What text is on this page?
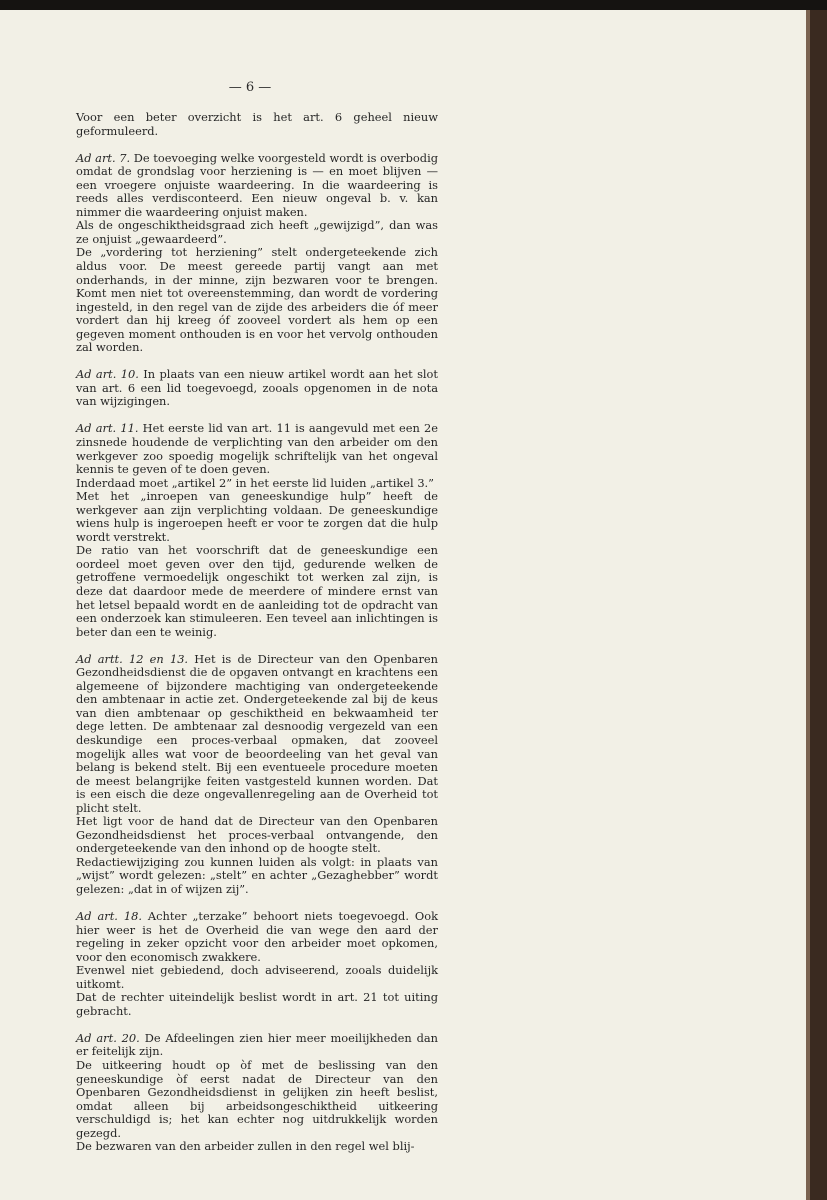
— 6 —

Voor een beter overzicht is het art. 6 geheel nieuw geformuleerd.

Ad art. 7. De toevoeging welke voorgesteld wordt is overbodig omdat de grondslag voor herziening is — en moet blijven — een vroegere onjuiste waardeering. In die waardeering is reeds alles verdisconteerd. Een nieuw ongeval b. v. kan nimmer die waardeering onjuist maken.

Als de ongeschiktheidsgraad zich heeft „gewijzigd”, dan was ze onjuist „gewaardeerd”.

De „vordering tot herziening” stelt ondergeteekende zich aldus voor. De meest gereede partij vangt aan met onderhands, in der minne, zijn bezwaren voor te brengen. Komt men niet tot overeenstemming, dan wordt de vordering ingesteld, in den regel van de zijde des arbeiders die óf meer vordert dan hij kreeg óf zooveel vordert als hem op een gegeven moment onthouden is en voor het vervolg onthouden zal worden.

Ad art. 10. In plaats van een nieuw artikel wordt aan het slot van art. 6 een lid toegevoegd, zooals opgenomen in de nota van wijzigingen.

Ad art. 11. Het eerste lid van art. 11 is aangevuld met een 2e zinsnede houdende de verplichting van den arbeider om den werkgever zoo spoedig mogelijk schriftelijk van het ongeval kennis te geven of te doen geven.

Inderdaad moet „artikel 2” in het eerste lid luiden „artikel 3.”

Met het „inroepen van geneeskundige hulp” heeft de werkgever aan zijn verplichting voldaan. De geneeskundige wiens hulp is ingeroepen heeft er voor te zorgen dat die hulp wordt verstrekt.

De ratio van het voorschrift dat de geneeskundige een oordeel moet geven over den tijd, gedurende welken de getroffene vermoedelijk ongeschikt tot werken zal zijn, is deze dat daardoor mede de meerdere of mindere ernst van het letsel bepaald wordt en de aanleiding tot de opdracht van een onderzoek kan stimuleeren. Een teveel aan inlichtingen is beter dan een te weinig.

Ad artt. 12 en 13. Het is de Directeur van den Openbaren Gezondheidsdienst die de opgaven ontvangt en krachtens een algemeene of bijzondere machtiging van ondergeteekende den ambtenaar in actie zet. Ondergeteekende zal bij de keus van dien ambtenaar op geschiktheid en bekwaamheid ter dege letten. De ambtenaar zal desnoodig vergezeld van een deskundige een proces-verbaal opmaken, dat zooveel mogelijk alles wat voor de beoordeeling van het geval van belang is bekend stelt. Bij een eventueele procedure moeten de meest belangrijke feiten vastgesteld kunnen worden. Dat is een eisch die deze ongevallenregeling aan de Overheid tot plicht stelt.

Het ligt voor de hand dat de Directeur van den Openbaren Gezondheidsdienst het proces-verbaal ontvangende, den ondergeteekende van den inhond op de hoogte stelt.

Redactiewijziging zou kunnen luiden als volgt: in plaats van „wijst” wordt gelezen: „stelt” en achter „Gezaghebber” wordt gelezen: „dat in of wijzen zij”.

Ad art. 18. Achter „terzake” behoort niets toegevoegd. Ook hier weer is het de Overheid die van wege den aard der regeling in zeker opzicht voor den arbeider moet opkomen, voor den economisch zwakkere.

Evenwel niet gebiedend, doch adviseerend, zooals duidelijk uitkomt.

Dat de rechter uiteindelijk beslist wordt in art. 21 tot uiting gebracht.

Ad art. 20. De Afdeelingen zien hier meer moeilijkheden dan er feitelijk zijn.

De uitkeering houdt op òf met de beslissing van den geneeskundige òf eerst nadat de Directeur van den Openbaren Gezondheidsdienst in gelijken zin heeft beslist, omdat alleen bij arbeidsongeschiktheid uitkeering verschuldigd is; het kan echter nog uitdrukkelijk worden gezegd.

De bezwaren van den arbeider zullen in den regel wel blij-
